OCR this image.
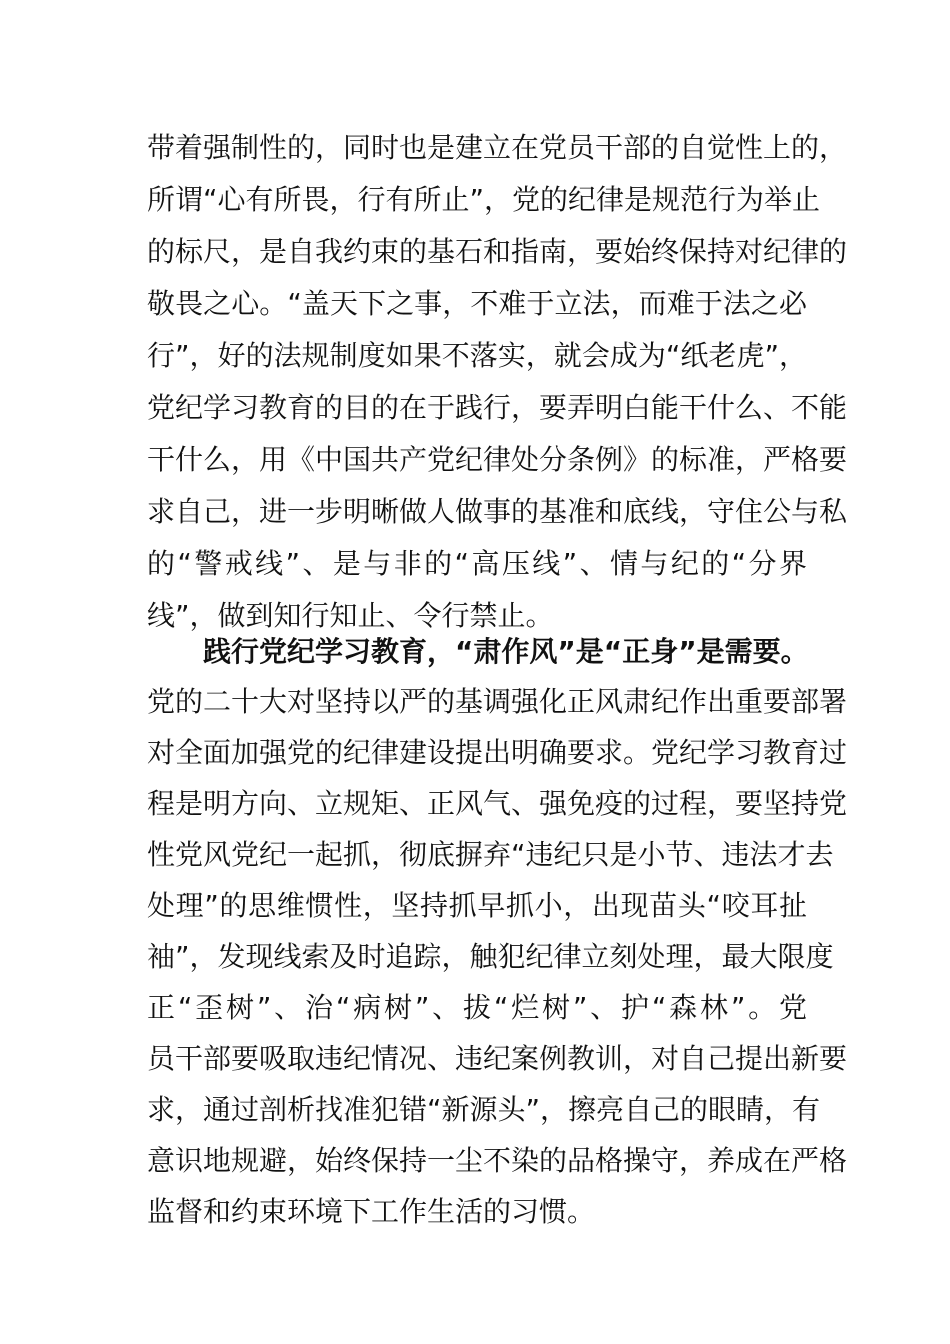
带着强制性的，同时也是建立在党员干部的自觉性上的，
所谓“心有所畏，行有所止”，党的纪律是规范行为举止
的标尺，是自我约束的基石和指南，要始终保持对纪律的
敬畏之心。“盖天下之事，不难于立法，而难于法之必
行”，好的法规制度如果不落实，就会成为“纸老虎”，
党纪学习教育的目的在于践行，要弄明白能干什么、不能
干什么，用《中国共产党纪律处分条例》的标准，严格要
求自己，进一步明晰做人做事的基准和底线，守住公与私
的“警戒线”、是与非的“高压线”、情与纪的“分界
线”，做到知行知止、令行禁止。
践行党纪学习教育，“肃作风”是“正身”是需要。
党的二十大对坚持以严的基调强化正风肃纪作出重要部署
对全面加强党的纪律建设提出明确要求。党纪学习教育过
程是明方向、立规矩、正风气、强免疫的过程，要坚持党
性党风党纪一起抓，彻底摒弃“违纪只是小节、违法才去
处理”的思维惯性，坚持抓早抓小，出现苗头“咬耳扯
袖”，发现线索及时追踪，触犯纪律立刻处理，最大限度
正“歪树”、治“病树”、拔“烂树”、护“森林”。党
员干部要吸取违纪情况、违纪案例教训，对自己提出新要
求，通过剖析找准犯错“新源头”，擦亮自己的眼睛，有
意识地规避，始终保持一尘不染的品格操守，养成在严格
监督和约束环境下工作生活的习惯。
